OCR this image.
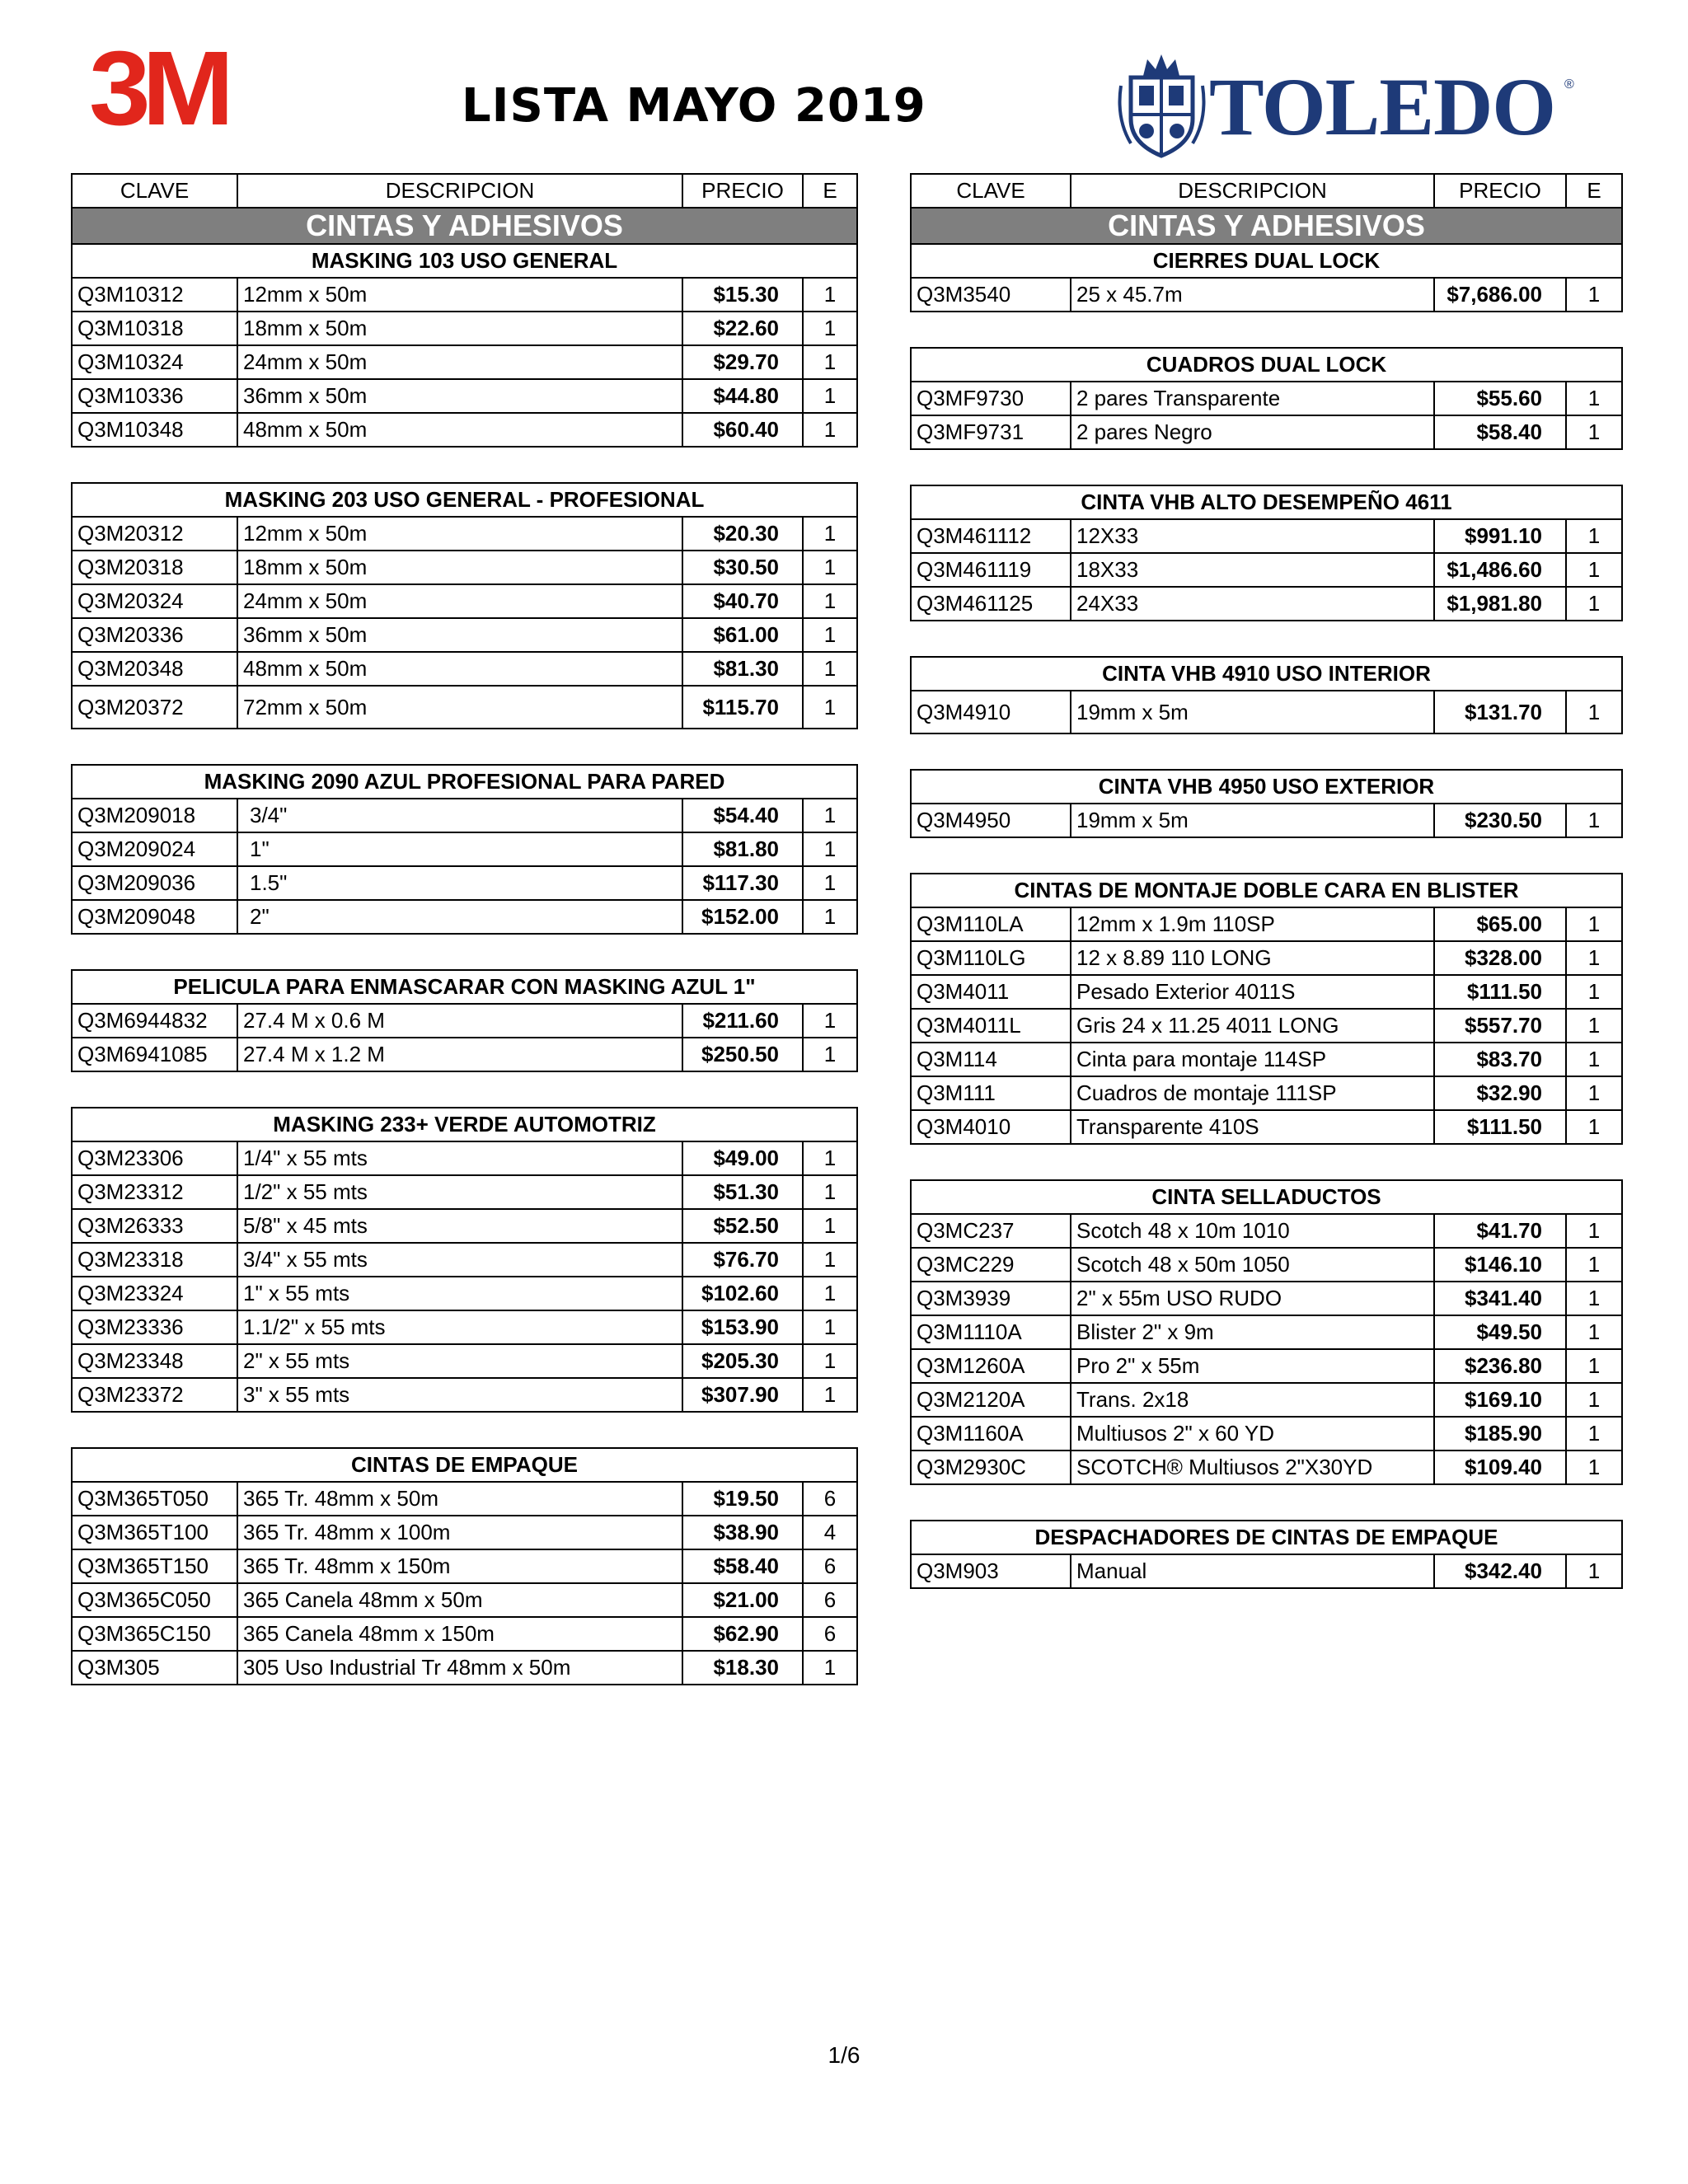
3M	LISTA MAYO 2019	TOLEDO ®
CLAVE	DESCRIPCION	PRECIO	E
CINTAS Y ADHESIVOS			
MASKING 103 USO GENERAL			
Q3M10312	12mm x 50m	$15.30	1
Q3M10318	18mm x 50m	$22.60	1
Q3M10324	24mm x 50m	$29.70	1
Q3M10336	36mm x 50m	$44.80	1
Q3M10348	48mm x 50m	$60.40	1

MASKING 203 USO GENERAL - PROFESIONAL			
Q3M20312	12mm x 50m	$20.30	1
Q3M20318	18mm x 50m	$30.50	1
Q3M20324	24mm x 50m	$40.70	1
Q3M20336	36mm x 50m	$61.00	1
Q3M20348	48mm x 50m	$81.30	1
Q3M20372	72mm x 50m	$115.70	1

MASKING 2090 AZUL PROFESIONAL PARA PARED			
Q3M209018	3/4"	$54.40	1
Q3M209024	1"	$81.80	1
Q3M209036	1.5"	$117.30	1
Q3M209048	2"	$152.00	1

PELICULA PARA ENMASCARAR CON MASKING AZUL 1"			
Q3M6944832	27.4 M x 0.6 M	$211.60	1
Q3M6941085	27.4 M x 1.2 M	$250.50	1

MASKING 233+ VERDE AUTOMOTRIZ			
Q3M23306	1/4" x 55 mts	$49.00	1
Q3M23312	1/2" x 55 mts	$51.30	1
Q3M26333	5/8" x 45 mts	$52.50	1
Q3M23318	3/4" x 55 mts	$76.70	1
Q3M23324	1" x 55 mts	$102.60	1
Q3M23336	1.1/2" x 55 mts	$153.90	1
Q3M23348	2" x 55 mts	$205.30	1
Q3M23372	3" x 55 mts	$307.90	1

CINTAS DE EMPAQUE			
Q3M365T050	365 Tr. 48mm x 50m	$19.50	6
Q3M365T100	365 Tr. 48mm x 100m	$38.90	4
Q3M365T150	365 Tr. 48mm x 150m	$58.40	6
Q3M365C050	365 Canela 48mm x 50m	$21.00	6
Q3M365C150	365 Canela 48mm x 150m	$62.90	6
Q3M305	305 Uso Industrial Tr 48mm x 50m	$18.30	1
CLAVE	DESCRIPCION	PRECIO	E
CINTAS Y ADHESIVOS			
CIERRES DUAL LOCK			
Q3M3540	25 x 45.7m	$7,686.00	1

CUADROS DUAL LOCK			
Q3MF9730	2 pares Transparente	$55.60	1
Q3MF9731	2 pares Negro	$58.40	1

CINTA VHB ALTO DESEMPEÑO 4611			
Q3M461112	12X33	$991.10	1
Q3M461119	18X33	$1,486.60	1
Q3M461125	24X33	$1,981.80	1

CINTA VHB 4910 USO INTERIOR			
Q3M4910	19mm x 5m	$131.70	1

CINTA VHB 4950 USO EXTERIOR			
Q3M4950	19mm x 5m	$230.50	1

CINTAS DE MONTAJE DOBLE CARA EN BLISTER			
Q3M110LA	12mm x 1.9m 110SP	$65.00	1
Q3M110LG	12 x 8.89 110 LONG	$328.00	1
Q3M4011	Pesado Exterior 4011S	$111.50	1
Q3M4011L	Gris 24 x 11.25 4011 LONG	$557.70	1
Q3M114	Cinta para montaje 114SP	$83.70	1
Q3M111	Cuadros de montaje 111SP	$32.90	1
Q3M4010	Transparente 410S	$111.50	1

CINTA SELLADUCTOS			
Q3MC237	Scotch 48 x 10m 1010	$41.70	1
Q3MC229	Scotch 48 x 50m 1050	$146.10	1
Q3M3939	2" x 55m USO RUDO	$341.40	1
Q3M1110A	Blister 2" x 9m	$49.50	1
Q3M1260A	Pro 2" x 55m	$236.80	1
Q3M2120A	Trans. 2x18	$169.10	1
Q3M1160A	Multiusos 2" x 60 YD	$185.90	1
Q3M2930C	SCOTCH® Multiusos 2"X30YD	$109.40	1

DESPACHADORES DE CINTAS DE EMPAQUE			
Q3M903	Manual	$342.40	1
1/6
